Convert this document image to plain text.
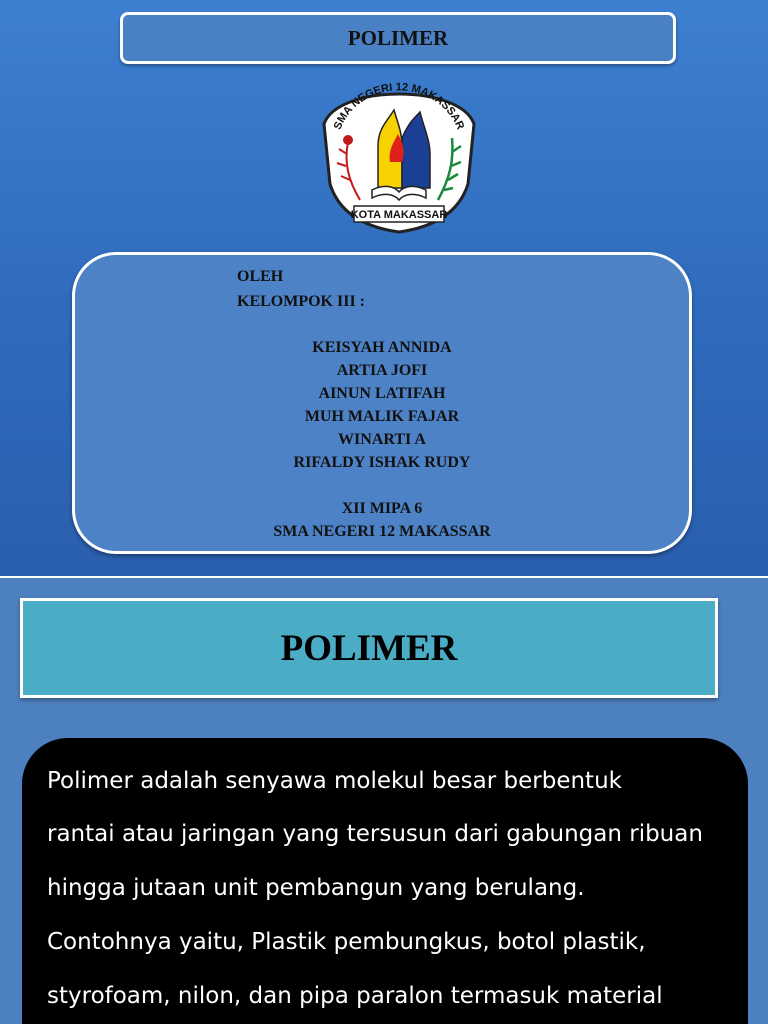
POLIMER
SMA NEGERI 12 MAKASSAR
KOTA MAKASSAR
OLEH
KELOMPOK III :
KEISYAH ANNIDA
ARTIA JOFI
AINUN LATIFAH
MUH MALIK FAJAR
WINARTI A
RIFALDY ISHAK RUDY
XII MIPA 6
SMA NEGERI 12 MAKASSAR
POLIMER
Polimer adalah senyawa molekul besar berbentuk
rantai atau jaringan yang tersusun dari gabungan ribuan
hingga jutaan unit pembangun yang berulang.
Contohnya yaitu, Plastik pembungkus, botol plastik,
styrofoam, nilon, dan pipa paralon termasuk material
